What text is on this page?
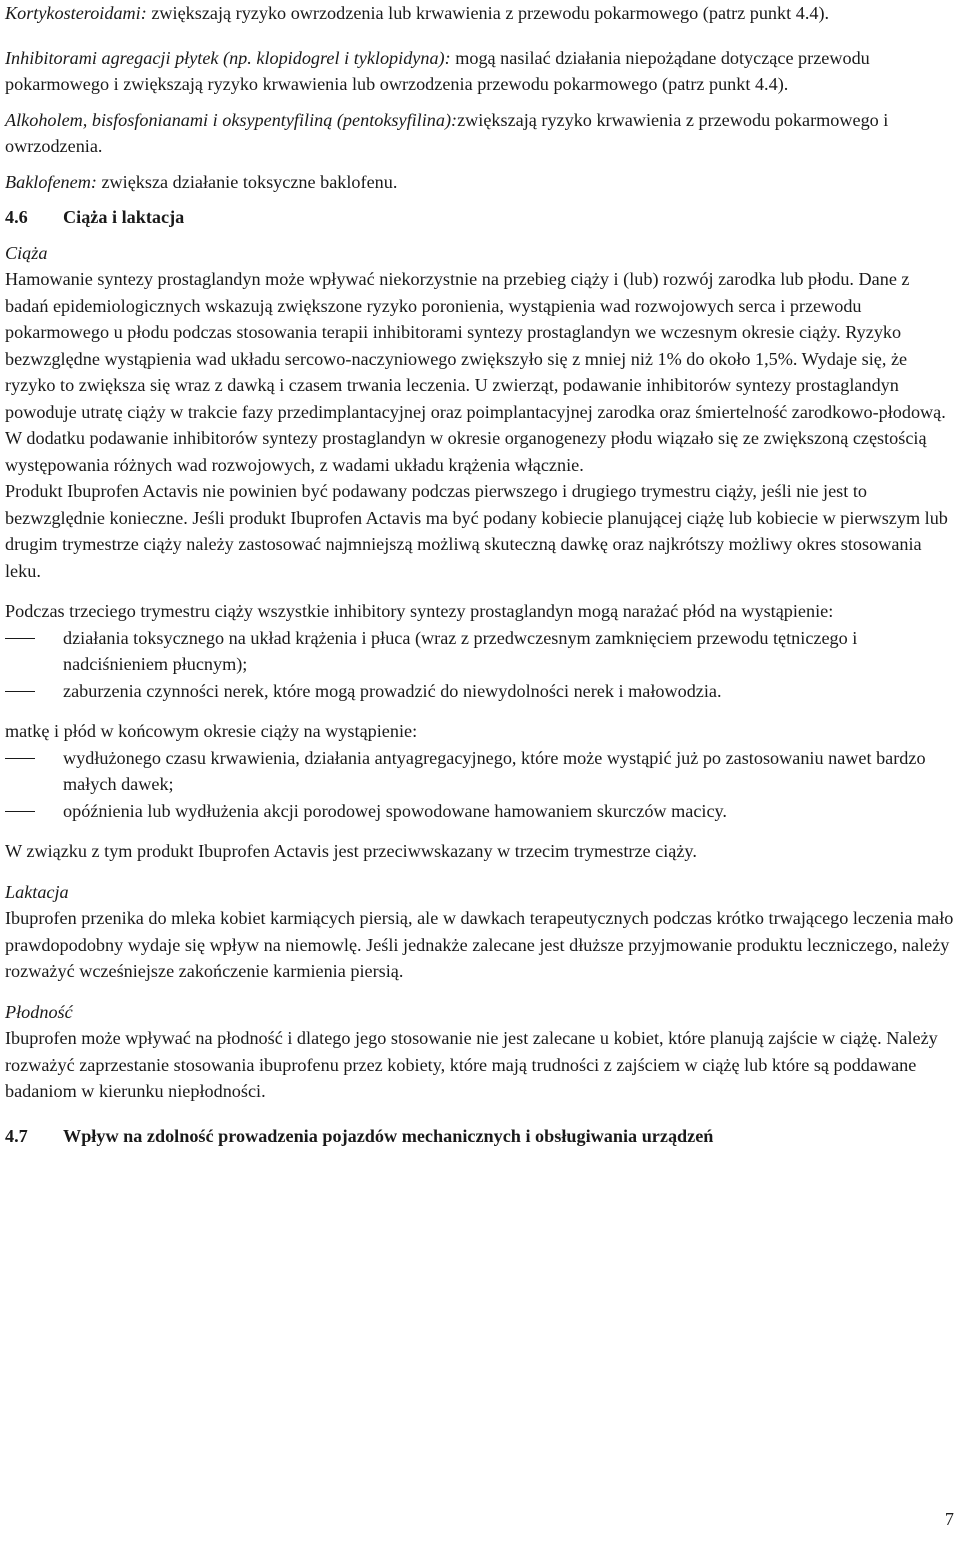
Kortykosteroidami: zwiększają ryzyko owrzodzenia lub krwawienia z przewodu pokarmowego (patrz punkt 4.4).

Inhibitorami agregacji płytek (np. klopidogrel i tyklopidyna): mogą nasilać działania niepożądane dotyczące przewodu pokarmowego i zwiększają ryzyko krwawienia lub owrzodzenia przewodu pokarmowego (patrz punkt 4.4).

Alkoholem, bisfosfonianami i oksypentyfiliną (pentoksyfilina):zwiększają ryzyko krwawienia z przewodu pokarmowego i owrzodzenia.

Baklofenem: zwiększa działanie toksyczne baklofenu.

4.6	Ciąża i laktacja

Ciąża

Hamowanie syntezy prostaglandyn może wpływać niekorzystnie na przebieg ciąży i (lub) rozwój zarodka lub płodu. Dane z badań epidemiologicznych wskazują zwiększone ryzyko poronienia, wystąpienia wad rozwojowych serca i przewodu pokarmowego u płodu podczas stosowania terapii inhibitorami syntezy prostaglandyn we wczesnym okresie ciąży. Ryzyko bezwzględne wystąpienia wad układu sercowo-naczyniowego zwiększyło się z mniej niż 1% do około 1,5%. Wydaje się, że ryzyko to zwiększa się wraz z dawką i czasem trwania leczenia. U zwierząt, podawanie inhibitorów syntezy prostaglandyn powoduje utratę ciąży w trakcie fazy przedimplantacyjnej oraz poimplantacyjnej zarodka oraz śmiertelność zarodkowo-płodową. W dodatku podawanie inhibitorów syntezy prostaglandyn w okresie organogenezy płodu wiązało się ze zwiększoną częstością występowania różnych wad rozwojowych, z wadami układu krążenia włącznie.

Produkt Ibuprofen Actavis nie powinien być podawany podczas pierwszego i drugiego trymestru ciąży, jeśli nie jest to bezwzględnie konieczne. Jeśli produkt Ibuprofen Actavis ma być podany kobiecie planującej ciążę lub kobiecie w pierwszym lub drugim trymestrze ciąży należy zastosować najmniejszą możliwą skuteczną dawkę oraz najkrótszy możliwy okres stosowania leku.

Podczas trzeciego trymestru ciąży wszystkie inhibitory syntezy prostaglandyn mogą narażać płód na wystąpienie:

działania toksycznego na układ krążenia i płuca (wraz z przedwczesnym zamknięciem przewodu tętniczego i nadciśnieniem płucnym);
zaburzenia czynności nerek, które mogą prowadzić do niewydolności nerek i małowodzia.

matkę i płód w końcowym okresie ciąży na wystąpienie:

wydłużonego czasu krwawienia, działania antyagregacyjnego, które może wystąpić już po zastosowaniu nawet bardzo małych dawek;
opóźnienia lub wydłużenia akcji porodowej spowodowane hamowaniem skurczów macicy.

W związku z tym produkt Ibuprofen Actavis jest przeciwwskazany w trzecim trymestrze ciąży.

Laktacja

Ibuprofen przenika do mleka kobiet karmiących piersią, ale w dawkach terapeutycznych podczas krótko trwającego leczenia mało prawdopodobny wydaje się wpływ na niemowlę. Jeśli jednakże zalecane jest dłuższe przyjmowanie produktu leczniczego, należy rozważyć wcześniejsze zakończenie karmienia piersią.

Płodność

Ibuprofen może wpływać na płodność i dlatego jego stosowanie nie jest zalecane u kobiet, które planują zajście w ciążę. Należy rozważyć zaprzestanie stosowania ibuprofenu przez kobiety, które mają trudności z zajściem w ciążę lub które są poddawane badaniom w kierunku niepłodności.

4.7	Wpływ na zdolność prowadzenia pojazdów mechanicznych i obsługiwania urządzeń
7
